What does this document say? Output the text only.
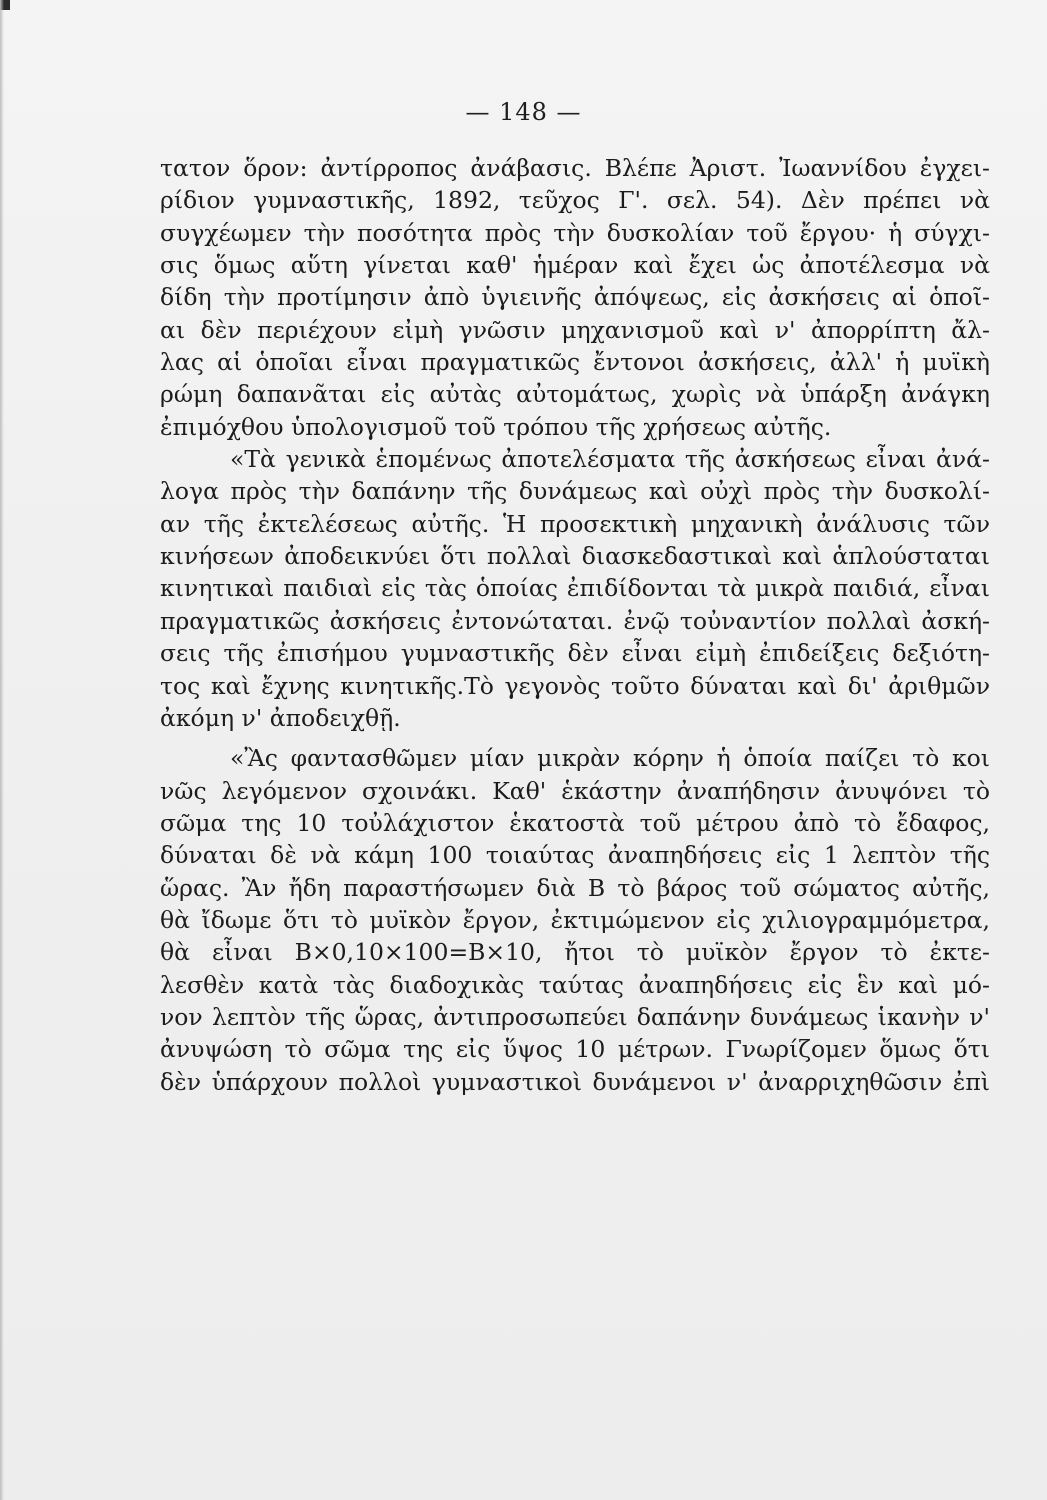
— 148 —
τατον ὅρον: ἀντίρροπος ἀνάβασις. Βλέπε Ἀριστ. Ἰωαννίδου ἐγχει-
ρίδιον γυμναστικῆς, 1892, τεῦχος Γ'. σελ. 54). Δὲν πρέπει νὰ
συγχέωμεν τὴν ποσότητα πρὸς τὴν δυσκολίαν τοῦ ἔργου· ἡ σύγχι-
σις ὅμως αὕτη γίνεται καθ' ἡμέραν καὶ ἔχει ὡς ἀποτέλεσμα νὰ
δίδη τὴν προτίμησιν ἀπὸ ὑγιεινῆς ἀπόψεως, εἰς ἀσκήσεις αἱ ὁποῖ-
αι δὲν περιέχουν εἰμὴ γνῶσιν μηχανισμοῦ καὶ ν' ἀπορρίπτη ἄλ-
λας αἱ ὁποῖαι εἶναι πραγματικῶς ἔντονοι ἀσκήσεις, ἀλλ' ἡ μυϊκὴ
ρώμη δαπανᾶται εἰς αὐτὰς αὐτομάτως, χωρὶς νὰ ὑπάρξη ἀνάγκη
ἐπιμόχθου ὑπολογισμοῦ τοῦ τρόπου τῆς χρήσεως αὐτῆς.
«Τὰ γενικὰ ἑπομένως ἀποτελέσματα τῆς ἀσκήσεως εἶναι ἀνά-
λογα πρὸς τὴν δαπάνην τῆς δυνάμεως καὶ οὐχὶ πρὸς τὴν δυσκολί-
αν τῆς ἐκτελέσεως αὐτῆς. Ἡ προσεκτικὴ μηχανικὴ ἀνάλυσις τῶν
κινήσεων ἀποδεικνύει ὅτι πολλαὶ διασκεδαστικαὶ καὶ ἁπλούσταται
κινητικαὶ παιδιαὶ εἰς τὰς ὁποίας ἐπιδίδονται τὰ μικρὰ παιδιά, εἶναι
πραγματικῶς ἀσκήσεις ἐντονώταται. ἐνῷ τοὐναντίον πολλαὶ ἀσκή-
σεις τῆς ἐπισήμου γυμναστικῆς δὲν εἶναι εἰμὴ ἐπιδείξεις δεξιότη-
τος καὶ ἔχνης κινητικῆς.Τὸ γεγονὸς τοῦτο δύναται καὶ δι' ἀριθμῶν
ἀκόμη ν' ἀποδειχθῇ.
«Ἂς φαντασθῶμεν μίαν μικρὰν κόρην ἡ ὁποία παίζει τὸ κοι
νῶς λεγόμενον σχοινάκι. Καθ' ἑκάστην ἀναπήδησιν ἀνυψόνει τὸ
σῶμα της 10 τοὐλάχιστον ἑκατοστὰ τοῦ μέτρου ἀπὸ τὸ ἔδαφος,
δύναται δὲ νὰ κάμη 100 τοιαύτας ἀναπηδήσεις εἰς 1 λεπτὸν τῆς
ὥρας. Ἂν ἤδη παραστήσωμεν διὰ Β τὸ βάρος τοῦ σώματος αὐτῆς,
θὰ ἴδωμε ὅτι τὸ μυϊκὸν ἔργον, ἐκτιμώμενον εἰς χιλιογραμμόμετρα,
θὰ εἶναι Β×0,10×100=Β×10, ἤτοι τὸ μυϊκὸν ἔργον τὸ ἐκτε-
λεσθὲν κατὰ τὰς διαδοχικὰς ταύτας ἀναπηδήσεις εἰς ἓν καὶ μό-
νον λεπτὸν τῆς ὥρας, ἀντιπροσωπεύει δαπάνην δυνάμεως ἱκανὴν ν'
ἀνυψώση τὸ σῶμα της εἰς ὕψος 10 μέτρων. Γνωρίζομεν ὅμως ὅτι
δὲν ὑπάρχουν πολλοὶ γυμναστικοὶ δυνάμενοι ν' ἀναρριχηθῶσιν ἐπὶ
